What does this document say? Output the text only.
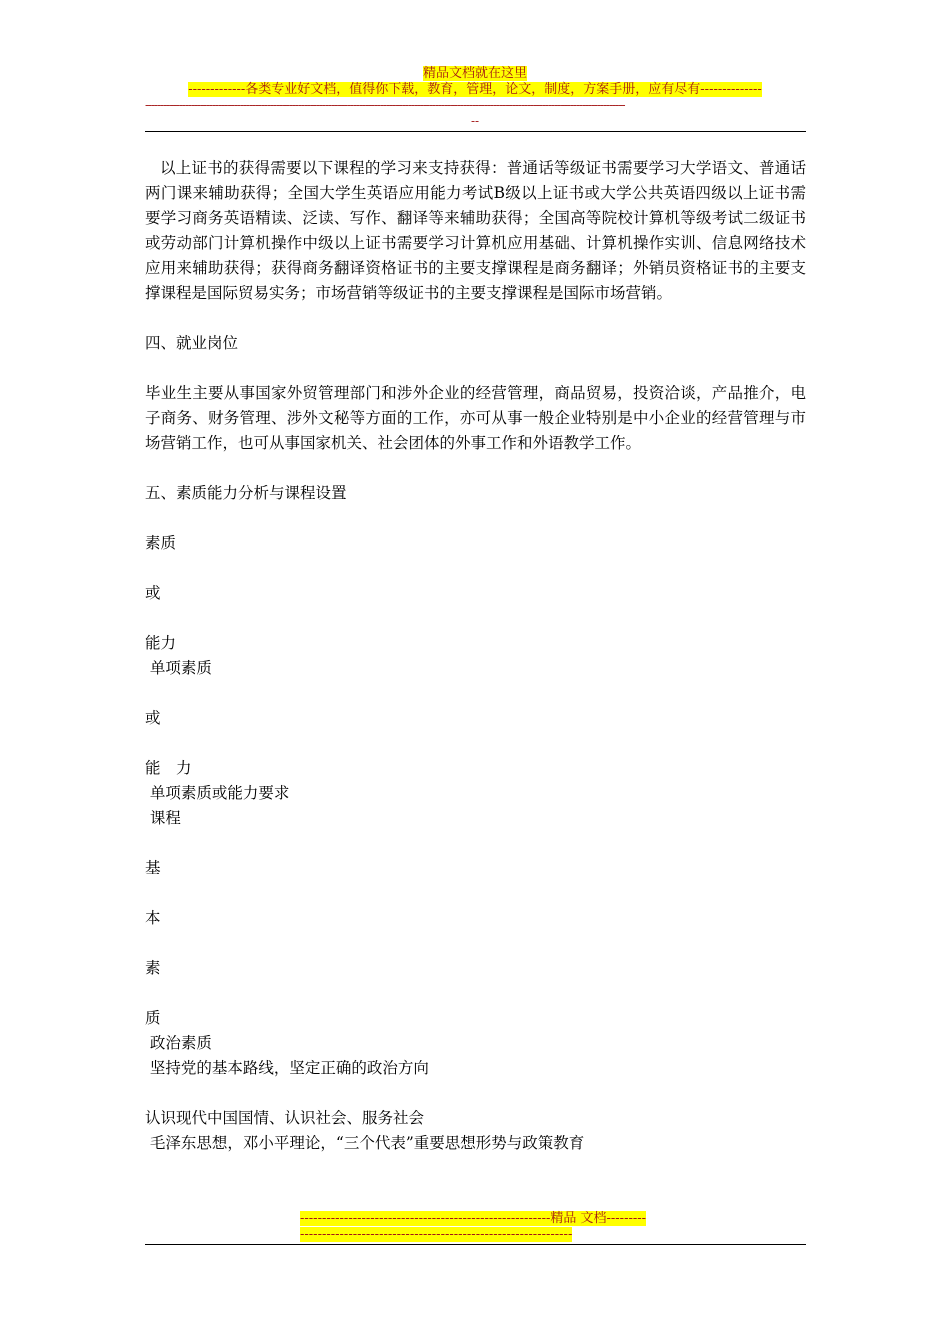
精品文档就在这里
-------------各类专业好文档，值得你下载，教育，管理，论文，制度，方案手册，应有尽有--------------
-------------------------------------------------------------------------------------------------------------------------------------------------------------
--

以上证书的获得需要以下课程的学习来支持获得：普通话等级证书需要学习大学语文、普通话两门课来辅助获得；全国大学生英语应用能力考试B级以上证书或大学公共英语四级以上证书需要学习商务英语精读、泛读、写作、翻译等来辅助获得；全国高等院校计算机等级考试二级证书或劳动部门计算机操作中级以上证书需要学习计算机应用基础、计算机操作实训、信息网络技术应用来辅助获得；获得商务翻译资格证书的主要支撑课程是商务翻译；外销员资格证书的主要支撑课程是国际贸易实务；市场营销等级证书的主要支撑课程是国际市场营销。

四、就业岗位

毕业生主要从事国家外贸管理部门和涉外企业的经营管理，商品贸易，投资洽谈，产品推介，电子商务、财务管理、涉外文秘等方面的工作，亦可从事一般企业特别是中小企业的经营管理与市场营销工作，也可从事国家机关、社会团体的外事工作和外语教学工作。

五、素质能力分析与课程设置

素质

或

能力

单项素质

或

能　力

单项素质或能力要求

课程

基

本

素

质

政治素质

坚持党的基本路线，坚定正确的政治方向

认识现代中国国情、认识社会、服务社会

毛泽东思想，邓小平理论，“三个代表”重要思想形势与政策教育

---------------------------------------------------------精品 文档-----------------------------------------------------------------------
